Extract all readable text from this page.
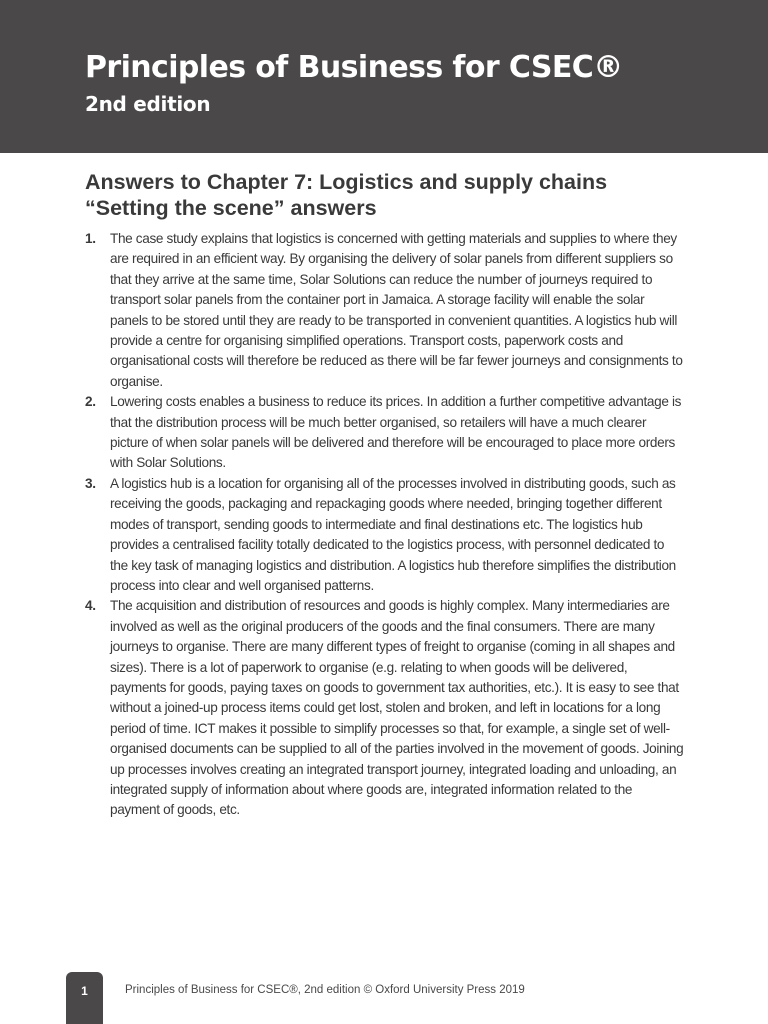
Principles of Business for CSEC®
2nd edition
Answers to Chapter 7: Logistics and supply chains
“Setting the scene” answers
1. The case study explains that logistics is concerned with getting materials and supplies to where they are required in an efficient way. By organising the delivery of solar panels from different suppliers so that they arrive at the same time, Solar Solutions can reduce the number of journeys required to transport solar panels from the container port in Jamaica. A storage facility will enable the solar panels to be stored until they are ready to be transported in convenient quantities. A logistics hub will provide a centre for organising simplified operations. Transport costs, paperwork costs and organisational costs will therefore be reduced as there will be far fewer journeys and consignments to organise.
2. Lowering costs enables a business to reduce its prices. In addition a further competitive advantage is that the distribution process will be much better organised, so retailers will have a much clearer picture of when solar panels will be delivered and therefore will be encouraged to place more orders with Solar Solutions.
3. A logistics hub is a location for organising all of the processes involved in distributing goods, such as receiving the goods, packaging and repackaging goods where needed, bringing together different modes of transport, sending goods to intermediate and final destinations etc. The logistics hub provides a centralised facility totally dedicated to the logistics process, with personnel dedicated to the key task of managing logistics and distribution. A logistics hub therefore simplifies the distribution process into clear and well organised patterns.
4. The acquisition and distribution of resources and goods is highly complex. Many intermediaries are involved as well as the original producers of the goods and the final consumers. There are many journeys to organise. There are many different types of freight to organise (coming in all shapes and sizes). There is a lot of paperwork to organise (e.g. relating to when goods will be delivered, payments for goods, paying taxes on goods to government tax authorities, etc.). It is easy to see that without a joined-up process items could get lost, stolen and broken, and left in locations for a long period of time. ICT makes it possible to simplify processes so that, for example, a single set of well-organised documents can be supplied to all of the parties involved in the movement of goods. Joining up processes involves creating an integrated transport journey, integrated loading and unloading, an integrated supply of information about where goods are, integrated information related to the payment of goods, etc.
1	Principles of Business for CSEC®, 2nd edition © Oxford University Press 2019
